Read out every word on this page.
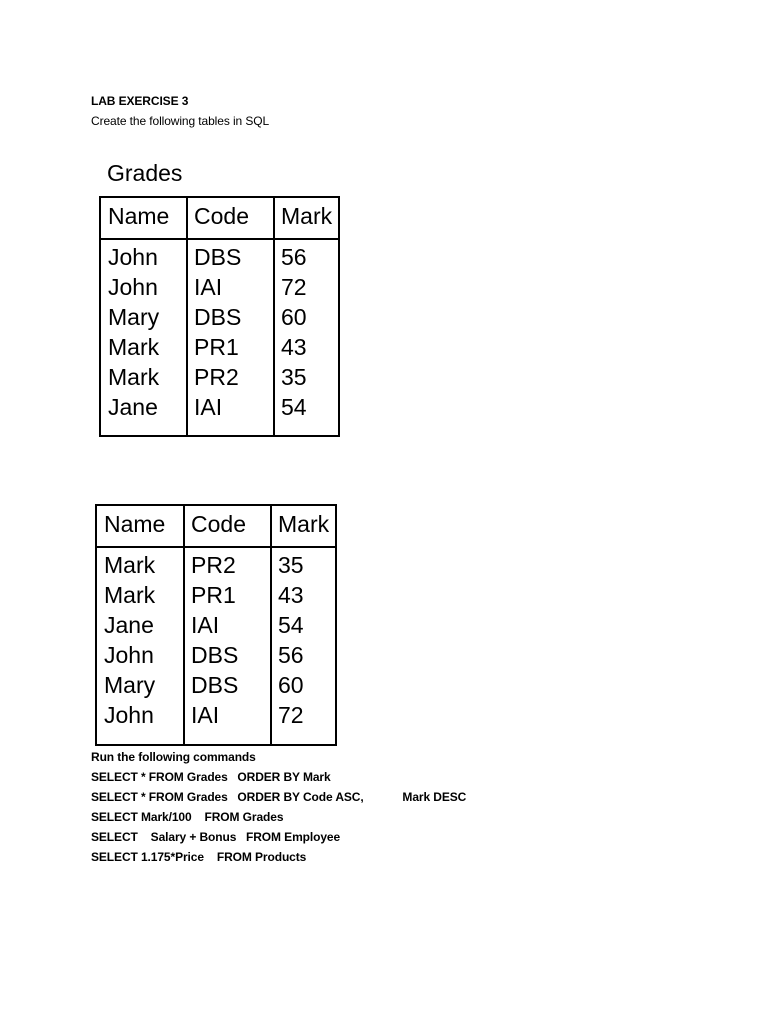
LAB EXERCISE 3
Create the following tables in SQL
Grades
Name Code Mark
John DBS 56
John IAI	72
Mary DBS 60
Mark PR1 43
Mark PR2 35
Jane IAI	54
Name Code Mark
Mark PR2 35
Mark PR1 43
Jane IAI	54
John DBS 56
Mary DBS 60
John IAI	72
Run the following commands
SELECT * FROM Grades   ORDER BY Mark
SELECT * FROM Grades   ORDER BY Code ASC,            Mark DESC
SELECT Mark/100    FROM Grades
SELECT    Salary + Bonus   FROM Employee
SELECT 1.175*Price    FROM Products
